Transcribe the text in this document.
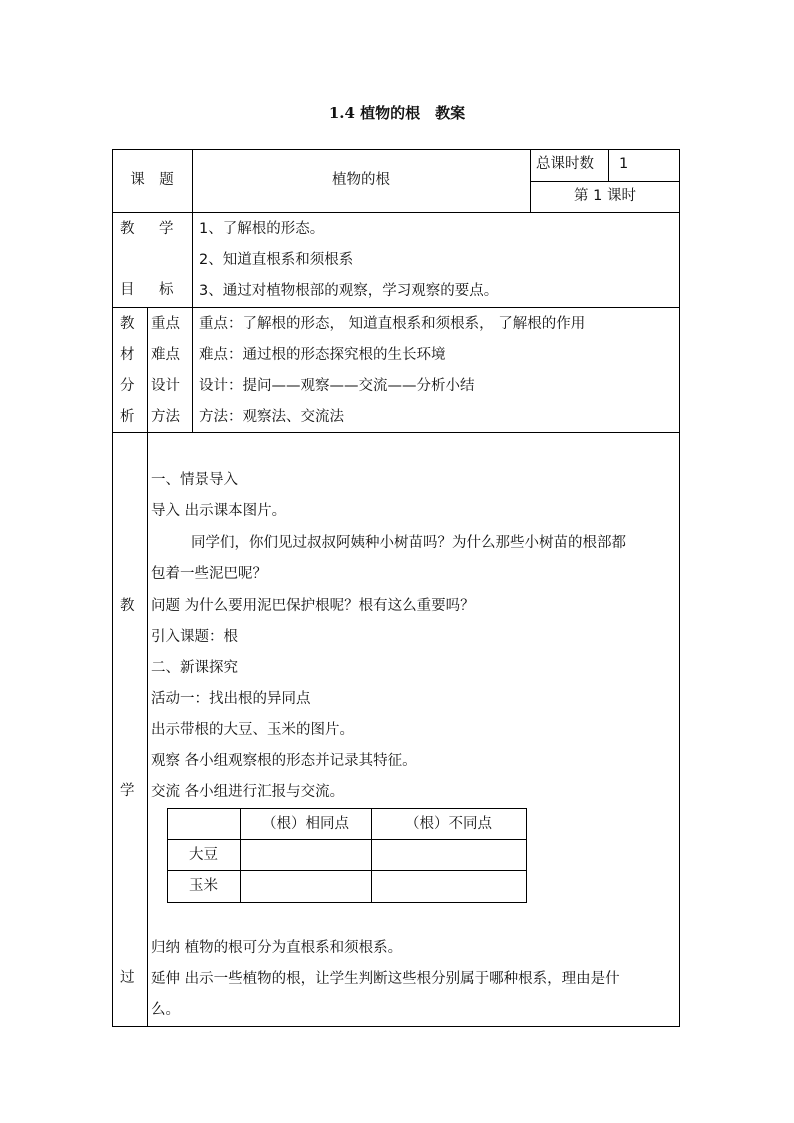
1.4 植物的根　教案
课　题	植物的根
总课时数 1
第 1 课时
教 学
目 标
1、了解根的形态。
2、知道直根系和须根系
3、通过对植物根部的观察，学习观察的要点。
教
材
分
析
重点
难点
设计
方法
重点：了解根的形态， 知道直根系和须根系， 了解根的作用
难点：通过根的形态探究根的生长环境
设计：提问——观察——交流——分析小结
方法：观察法、交流法
教
学
过
一、情景导入
导入 出示课本图片。
同学们，你们见过叔叔阿姨种小树苗吗？为什么那些小树苗的根部都
包着一些泥巴呢？
问题 为什么要用泥巴保护根呢？根有这么重要吗？
引入课题：根
二、新课探究
活动一：找出根的异同点
出示带根的大豆、玉米的图片。
观察 各小组观察根的形态并记录其特征。
交流 各小组进行汇报与交流。
（根）相同点	（根）不同点
大豆
玉米
归纳 植物的根可分为直根系和须根系。
延伸 出示一些植物的根，让学生判断这些根分别属于哪种根系，理由是什
么。
